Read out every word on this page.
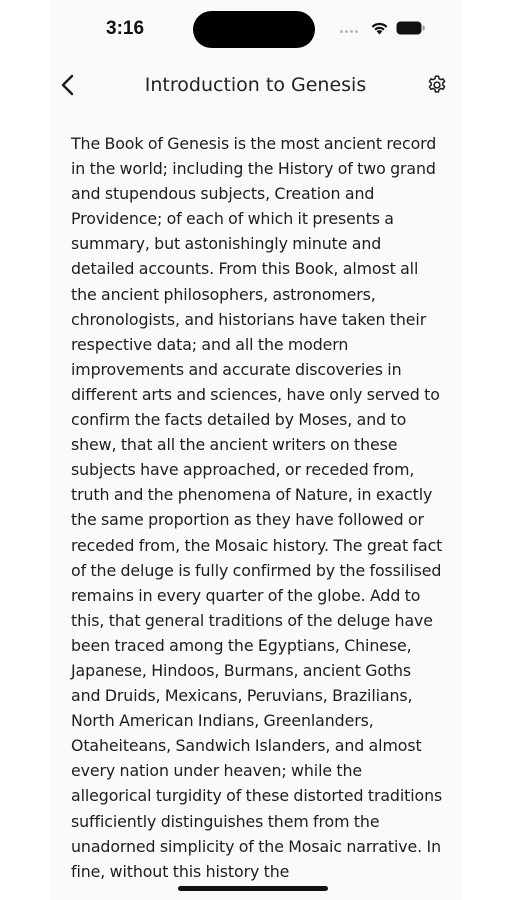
3:16
Introduction to Genesis
The Book of Genesis is the most ancient record in the world; including the History of two grand and stupendous subjects, Creation and Providence; of each of which it presents a summary, but astonishingly minute and detailed accounts. From this Book, almost all the ancient philosophers, astronomers, chronologists, and historians have taken their respective data; and all the modern improvements and accurate discoveries in different arts and sciences, have only served to confirm the facts detailed by Moses, and to shew, that all the ancient writers on these subjects have approached, or receded from, truth and the phenomena of Nature, in exactly the same proportion as they have followed or receded from, the Mosaic history. The great fact of the deluge is fully confirmed by the fossilised remains in every quarter of the globe. Add to this, that general traditions of the deluge have been traced among the Egyptians, Chinese, Japanese, Hindoos, Burmans, ancient Goths and Druids, Mexicans, Peruvians, Brazilians, North American Indians, Greenlanders, Otaheiteans, Sandwich Islanders, and almost every nation under heaven; while the allegorical turgidity of these distorted traditions sufficiently distinguishes them from the unadorned simplicity of the Mosaic narrative. In fine, without this history the
